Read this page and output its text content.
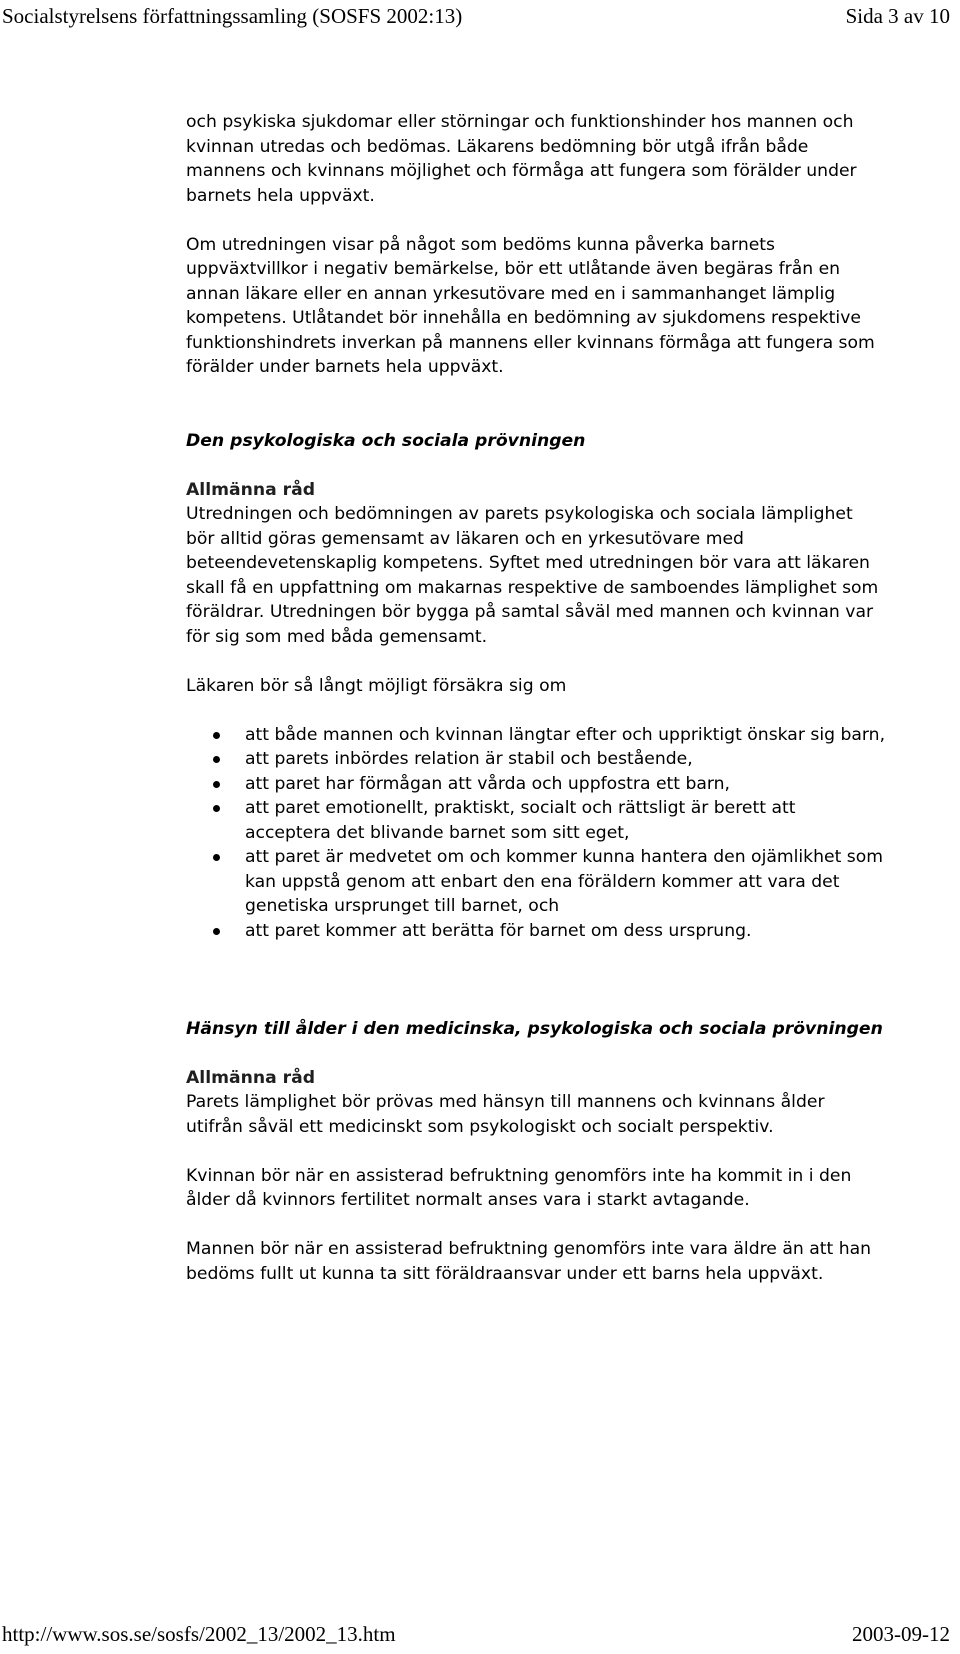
Socialstyrelsens författningssamling (SOSFS 2002:13)	Sida 3 av 10

och psykiska sjukdomar eller störningar och funktionshinder hos mannen och kvinnan utredas och bedömas. Läkarens bedömning bör utgå ifrån både mannens och kvinnans möjlighet och förmåga att fungera som förälder under barnets hela uppväxt.

Om utredningen visar på något som bedöms kunna påverka barnets uppväxtvillkor i negativ bemärkelse, bör ett utlåtande även begäras från en annan läkare eller en annan yrkesutövare med en i sammanhanget lämplig kompetens. Utlåtandet bör innehålla en bedömning av sjukdomens respektive funktionshindrets inverkan på mannens eller kvinnans förmåga att fungera som förälder under barnets hela uppväxt.

Den psykologiska och sociala prövningen

Allmänna råd

Utredningen och bedömningen av parets psykologiska och sociala lämplighet bör alltid göras gemensamt av läkaren och en yrkesutövare med beteendevetenskaplig kompetens. Syftet med utredningen bör vara att läkaren skall få en uppfattning om makarnas respektive de samboendes lämplighet som föräldrar. Utredningen bör bygga på samtal såväl med mannen och kvinnan var för sig som med båda gemensamt.

Läkaren bör så långt möjligt försäkra sig om

att både mannen och kvinnan längtar efter och uppriktigt önskar sig barn,
att parets inbördes relation är stabil och bestående,
att paret har förmågan att vårda och uppfostra ett barn,
att paret emotionellt, praktiskt, socialt och rättsligt är berett att acceptera det blivande barnet som sitt eget,
att paret är medvetet om och kommer kunna hantera den ojämlikhet som kan uppstå genom att enbart den ena föräldern kommer att vara det genetiska ursprunget till barnet, och
att paret kommer att berätta för barnet om dess ursprung.

Hänsyn till ålder i den medicinska, psykologiska och sociala prövningen

Allmänna råd

Parets lämplighet bör prövas med hänsyn till mannens och kvinnans ålder utifrån såväl ett medicinskt som psykologiskt och socialt perspektiv.

Kvinnan bör när en assisterad befruktning genomförs inte ha kommit in i den ålder då kvinnors fertilitet normalt anses vara i starkt avtagande.

Mannen bör när en assisterad befruktning genomförs inte vara äldre än att han bedöms fullt ut kunna ta sitt föräldraansvar under ett barns hela uppväxt.

http://www.sos.se/sosfs/2002_13/2002_13.htm	2003-09-12
